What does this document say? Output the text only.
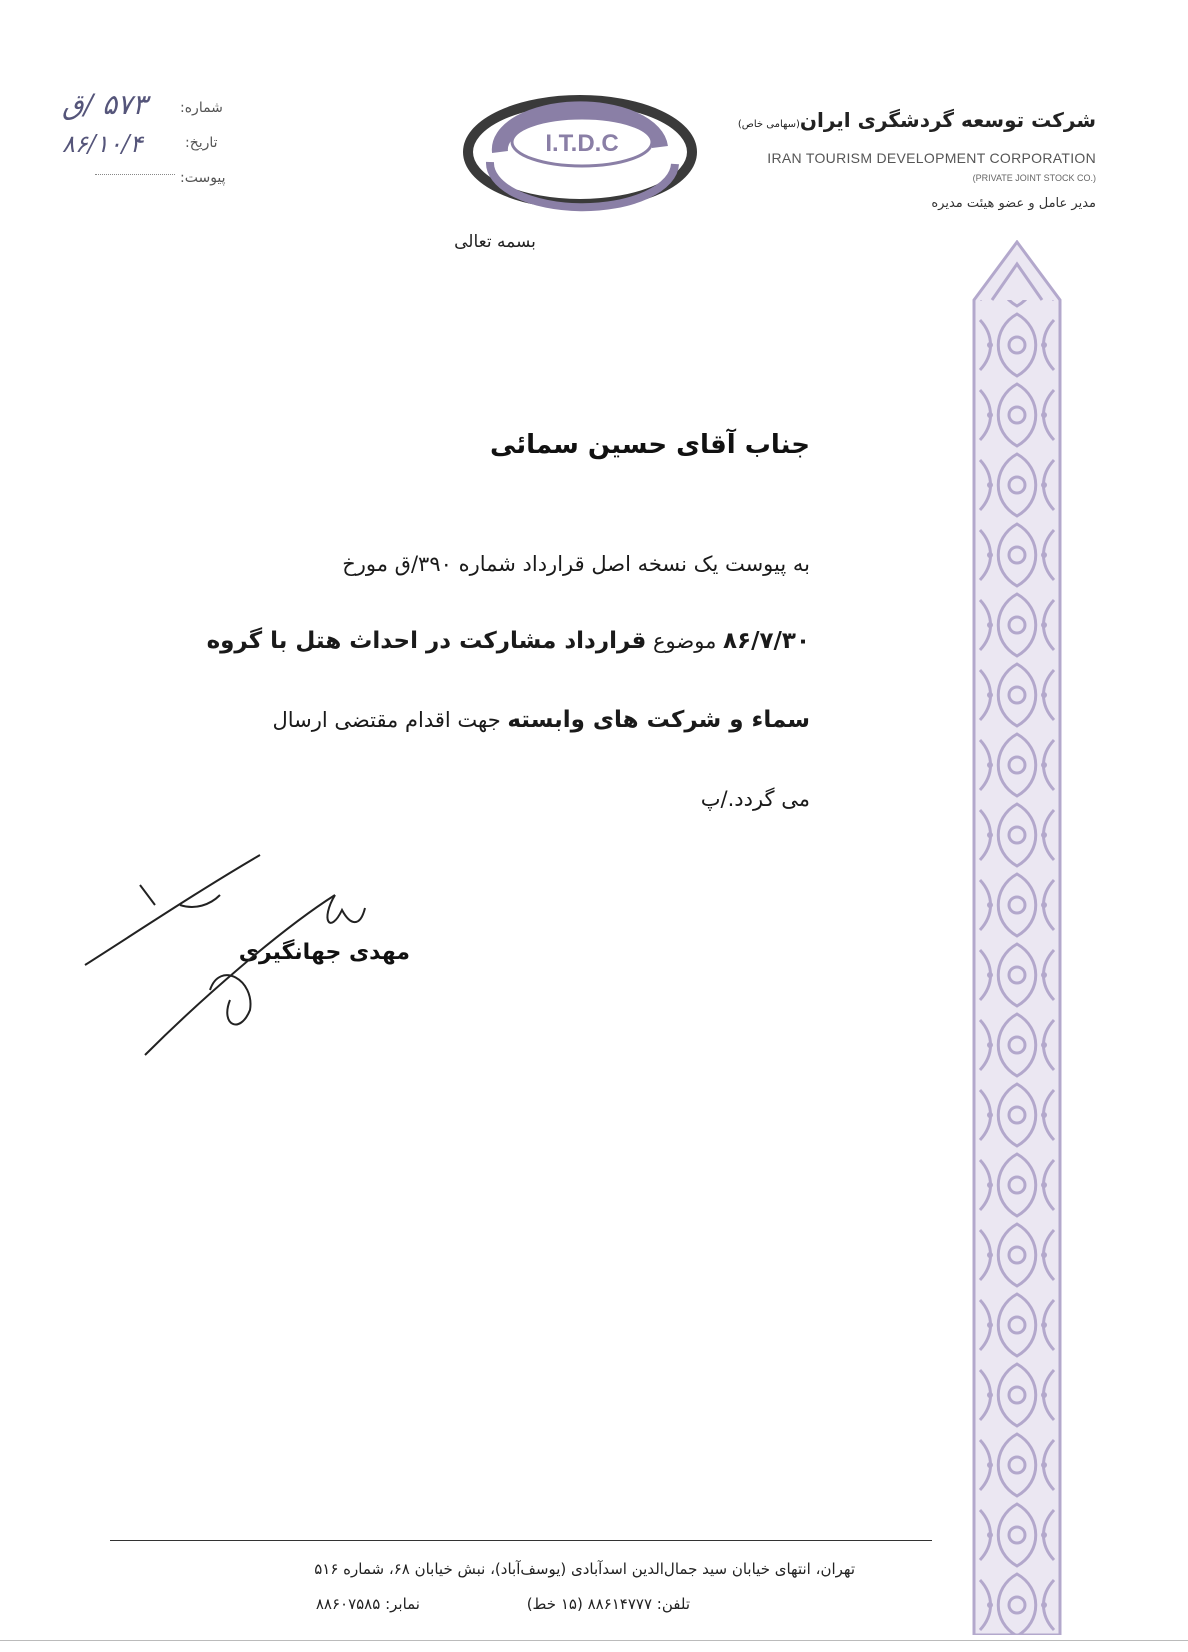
شرکت توسعه گردشگری ایران(سهامی خاص)
IRAN TOURISM DEVELOPMENT CORPORATION
(PRIVATE JOINT STOCK CO.)
مدیر عامل و عضو هیئت مدیره
I.T.D.C
بسمه تعالی
شماره:
۵۷۳ /ق
تاریخ:
۸۶/۱۰/۴
پیوست:
جناب آقای حسین سمائی
به پیوست یک نسخه اصل قرارداد شماره ۳۹۰/ق مورخ
۸۶/۷/۳۰ موضوع قرارداد مشارکت در احداث هتل با گروه
سماء و شرکت های وابسته جهت اقدام مقتضی ارسال
می گردد./پ
مهدی جهانگیری
تهران، انتهای خیابان سید جمال‌الدین اسدآبادی (یوسف‌آباد)، نبش خیابان ۶۸، شماره ۵۱۶
تلفن: ۸۸۶۱۴۷۷۷ (۱۵ خط)
نمابر: ۸۸۶۰۷۵۸۵
